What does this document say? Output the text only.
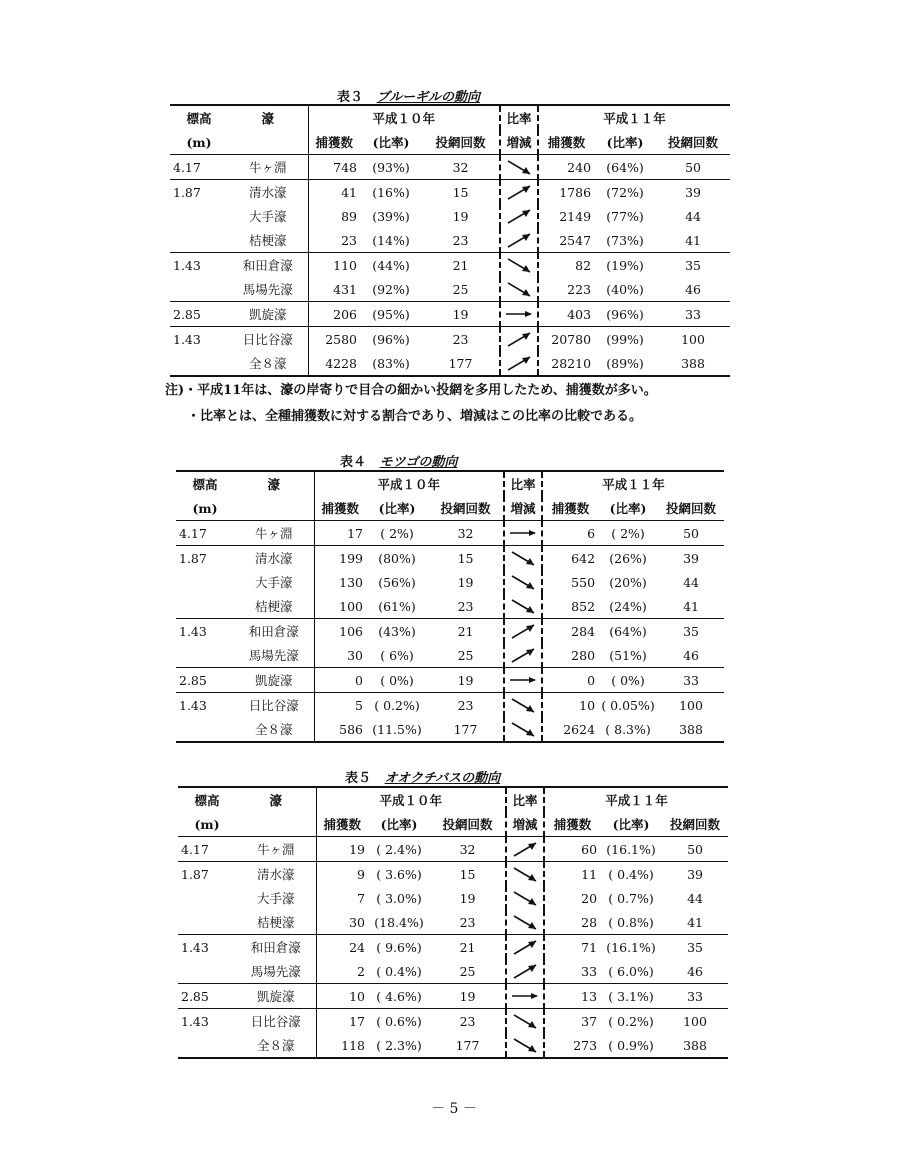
表３ ブルーギルの動向
標高	濠	平成１０年			比率	平成１１年		
(m)		捕獲数	(比率)	投網回数	増減	捕獲数	(比率)	投網回数
4.17	牛ヶ淵	748	(93%)	32		240	(64%)	50
1.87	清水濠	41	(16%)	15		1786	(72%)	39
	大手濠	89	(39%)	19		2149	(77%)	44
	桔梗濠	23	(14%)	23		2547	(73%)	41
1.43	和田倉濠	110	(44%)	21		82	(19%)	35
	馬場先濠	431	(92%)	25		223	(40%)	46
2.85	凱旋濠	206	(95%)	19		403	(96%)	33
1.43	日比谷濠	2580	(96%)	23		20780	(99%)	100
	全８濠	4228	(83%)	177		28210	(89%)	388
注)・平成11年は、濠の岸寄りで目合の細かい投網を多用したため、捕獲数が多い。
・比率とは、全種捕獲数に対する割合であり、増減はこの比率の比較である。
表４ モツゴの動向
標高	濠	平成１０年			比率	平成１１年		
(m)		捕獲数	(比率)	投網回数	増減	捕獲数	(比率)	投網回数
4.17	牛ヶ淵	17	( 2%)	32		6	( 2%)	50
1.87	清水濠	199	(80%)	15		642	(26%)	39
	大手濠	130	(56%)	19		550	(20%)	44
	桔梗濠	100	(61%)	23		852	(24%)	41
1.43	和田倉濠	106	(43%)	21		284	(64%)	35
	馬場先濠	30	( 6%)	25		280	(51%)	46
2.85	凱旋濠	0	( 0%)	19		0	( 0%)	33
1.43	日比谷濠	5	( 0.2%)	23		10	( 0.05%)	100
	全８濠	586	(11.5%)	177		2624	( 8.3%)	388
表５ オオクチバスの動向
標高	濠	平成１０年			比率	平成１１年		
(m)		捕獲数	(比率)	投網回数	増減	捕獲数	(比率)	投網回数
4.17	牛ヶ淵	19	( 2.4%)	32		60	(16.1%)	50
1.87	清水濠	9	( 3.6%)	15		11	( 0.4%)	39
	大手濠	7	( 3.0%)	19		20	( 0.7%)	44
	桔梗濠	30	(18.4%)	23		28	( 0.8%)	41
1.43	和田倉濠	24	( 9.6%)	21		71	(16.1%)	35
	馬場先濠	2	( 0.4%)	25		33	( 6.0%)	46
2.85	凱旋濠	10	( 4.6%)	19		13	( 3.1%)	33
1.43	日比谷濠	17	( 0.6%)	23		37	( 0.2%)	100
	全８濠	118	( 2.3%)	177		273	( 0.9%)	388
－ 5 －
